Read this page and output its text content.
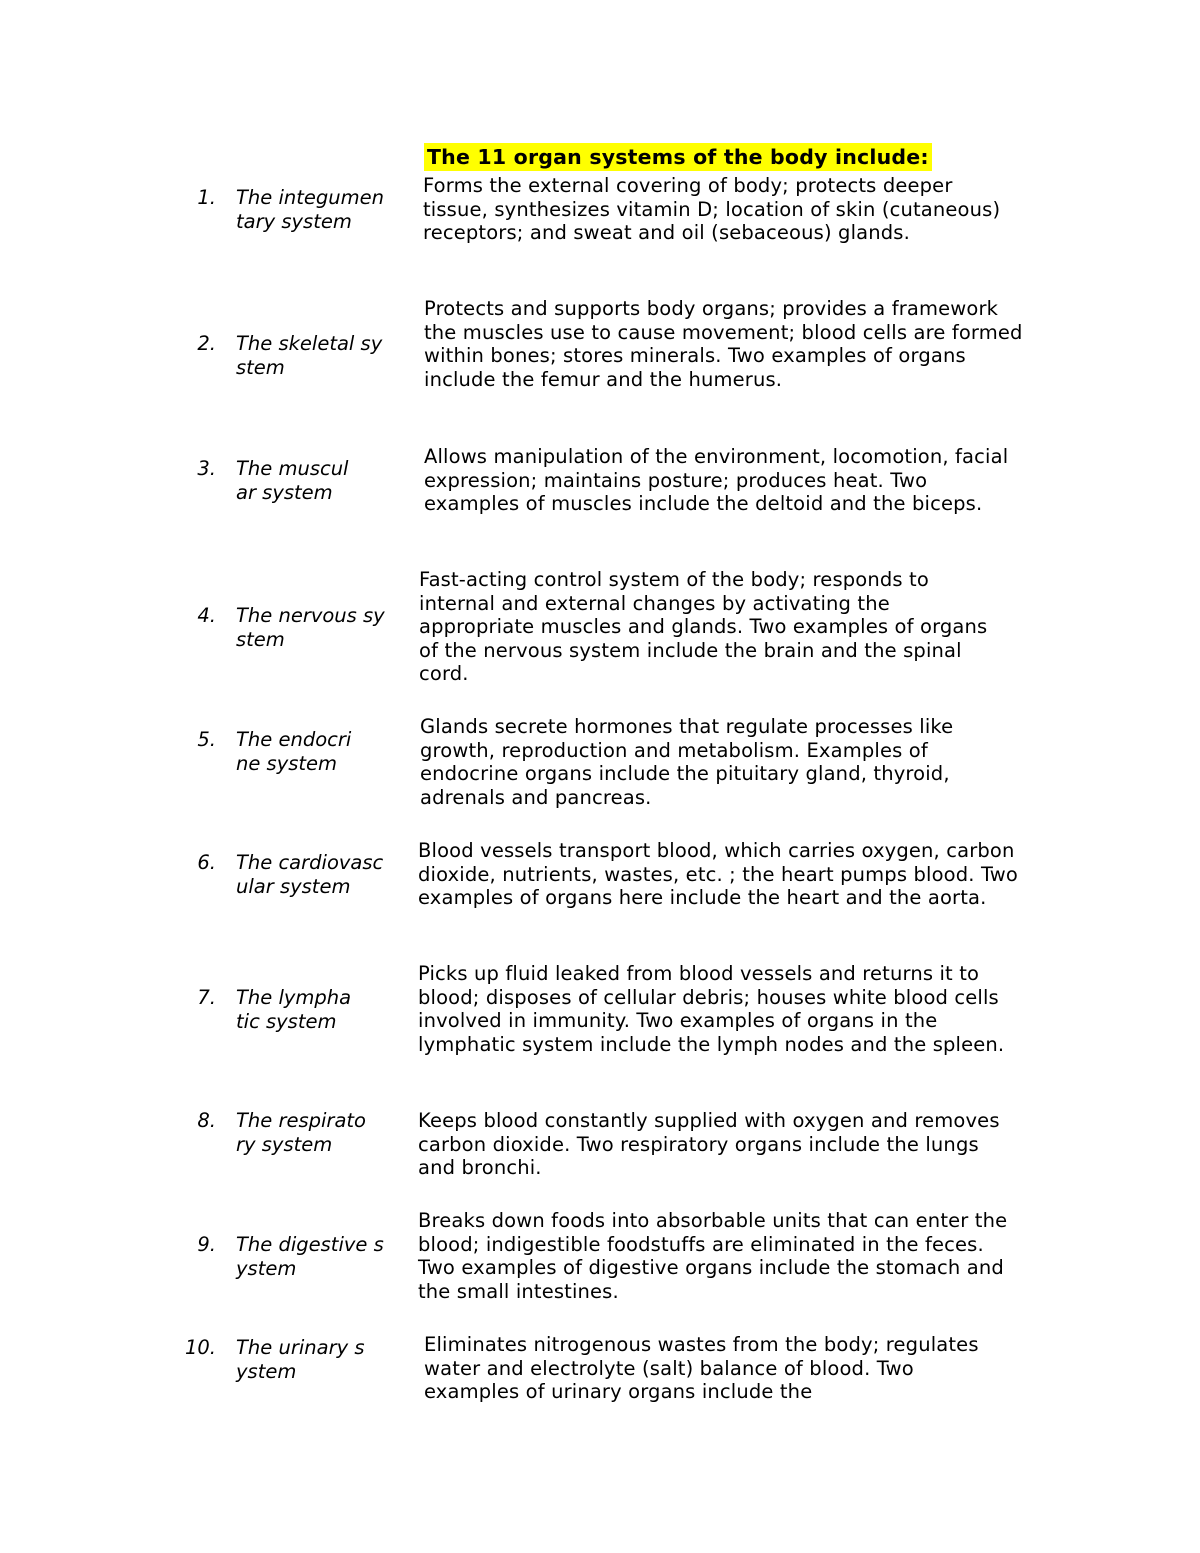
The 11 organ systems of the body include:
1. The integumentary system
Forms the external covering of body; protects deeper tissue, synthesizes vitamin D; location of skin (cutaneous) receptors; and sweat and oil (sebaceous) glands.
2. The skeletal system
Protects and supports body organs; provides a framework the muscles use to cause movement; blood cells are formed within bones; stores minerals. Two examples of organs include the femur and the humerus.
3. The muscular system
Allows manipulation of the environment, locomotion, facial expression; maintains posture; produces heat. Two examples of muscles include the deltoid and the biceps.
4. The nervous system
Fast-acting control system of the body; responds to internal and external changes by activating the appropriate muscles and glands. Two examples of organs of the nervous system include the brain and the spinal cord.
5. The endocrine system
Glands secrete hormones that regulate processes like growth, reproduction and metabolism. Examples of endocrine organs include the pituitary gland, thyroid, adrenals and pancreas.
6. The cardiovascular system
Blood vessels transport blood, which carries oxygen, carbon dioxide, nutrients, wastes, etc. ; the heart pumps blood. Two examples of organs here include the heart and the aorta.
7. The lymphatic system
Picks up fluid leaked from blood vessels and returns it to blood; disposes of cellular debris; houses white blood cells involved in immunity. Two examples of organs in the lymphatic system include the lymph nodes and the spleen.
8. The respiratory system
Keeps blood constantly supplied with oxygen and removes carbon dioxide. Two respiratory organs include the lungs and bronchi.
9. The digestive system
Breaks down foods into absorbable units that can enter the blood; indigestible foodstuffs are eliminated in the feces. Two examples of digestive organs include the stomach and the small intestines.
10. The urinary system
Eliminates nitrogenous wastes from the body; regulates water and electrolyte (salt) balance of blood. Two examples of urinary organs include the
